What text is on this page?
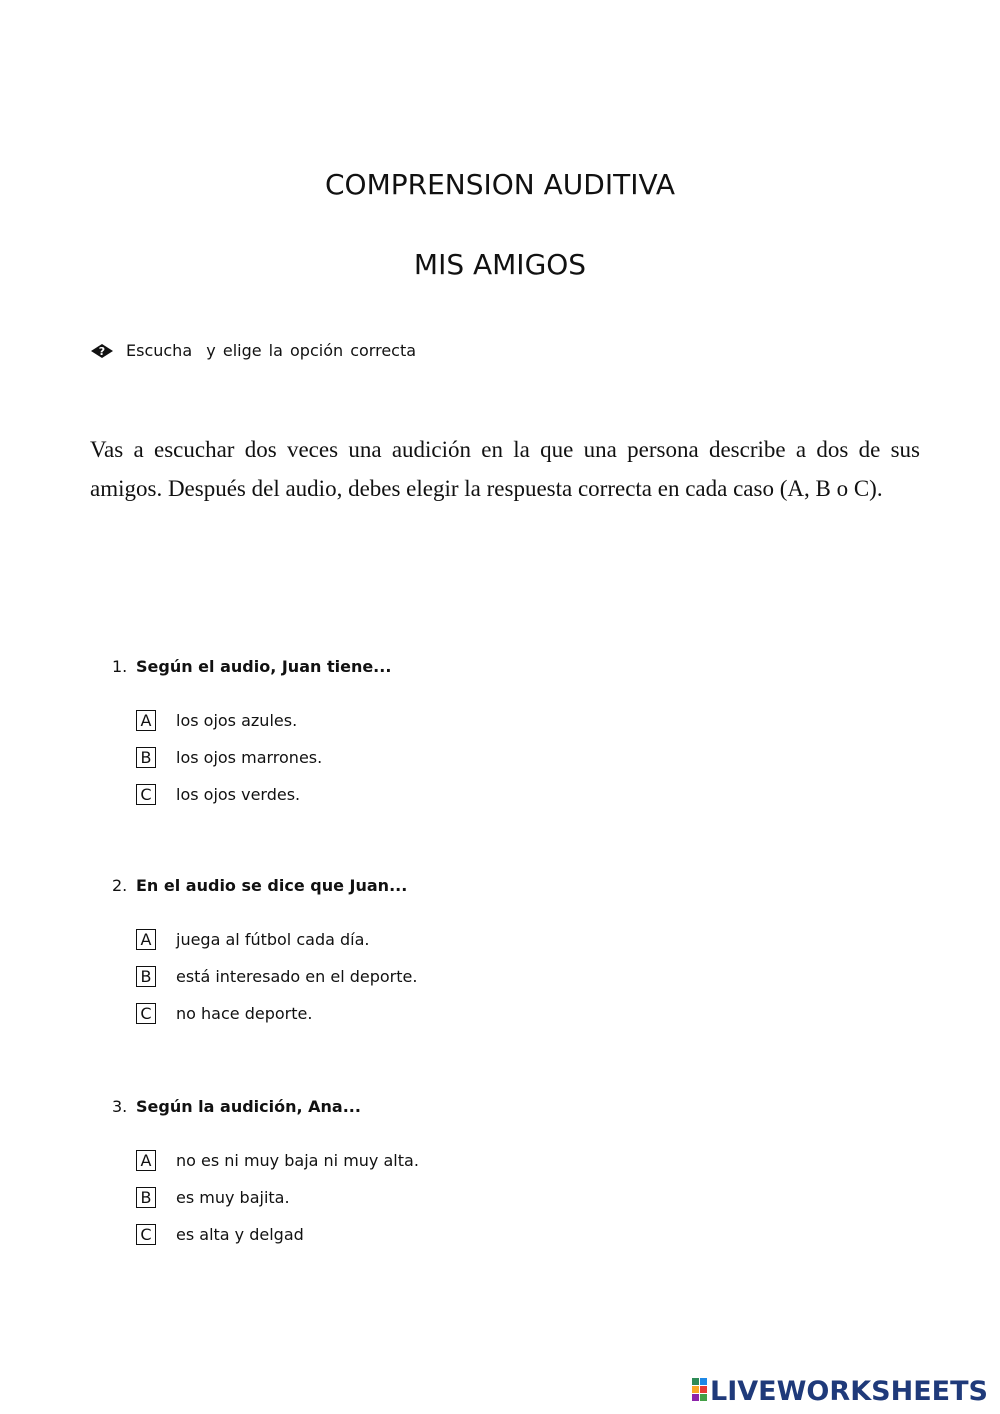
COMPRENSION AUDITIVA
MIS AMIGOS
? Escucha  y elige la opción correcta
Vas a escuchar dos veces una audición en la que una persona describe a dos de sus amigos. Después del audio, debes elegir la respuesta correcta en cada caso (A, B o C).
1. Según el audio, Juan tiene...
A los ojos azules.
B los ojos marrones.
C los ojos verdes.
2. En el audio se dice que Juan...
A juega al fútbol cada día.
B está interesado en el deporte.
C no hace deporte.
3. Según la audición, Ana...
A no es ni muy baja ni muy alta.
B es muy bajita.
C es alta y delgad
LIVEWORKSHEETS
